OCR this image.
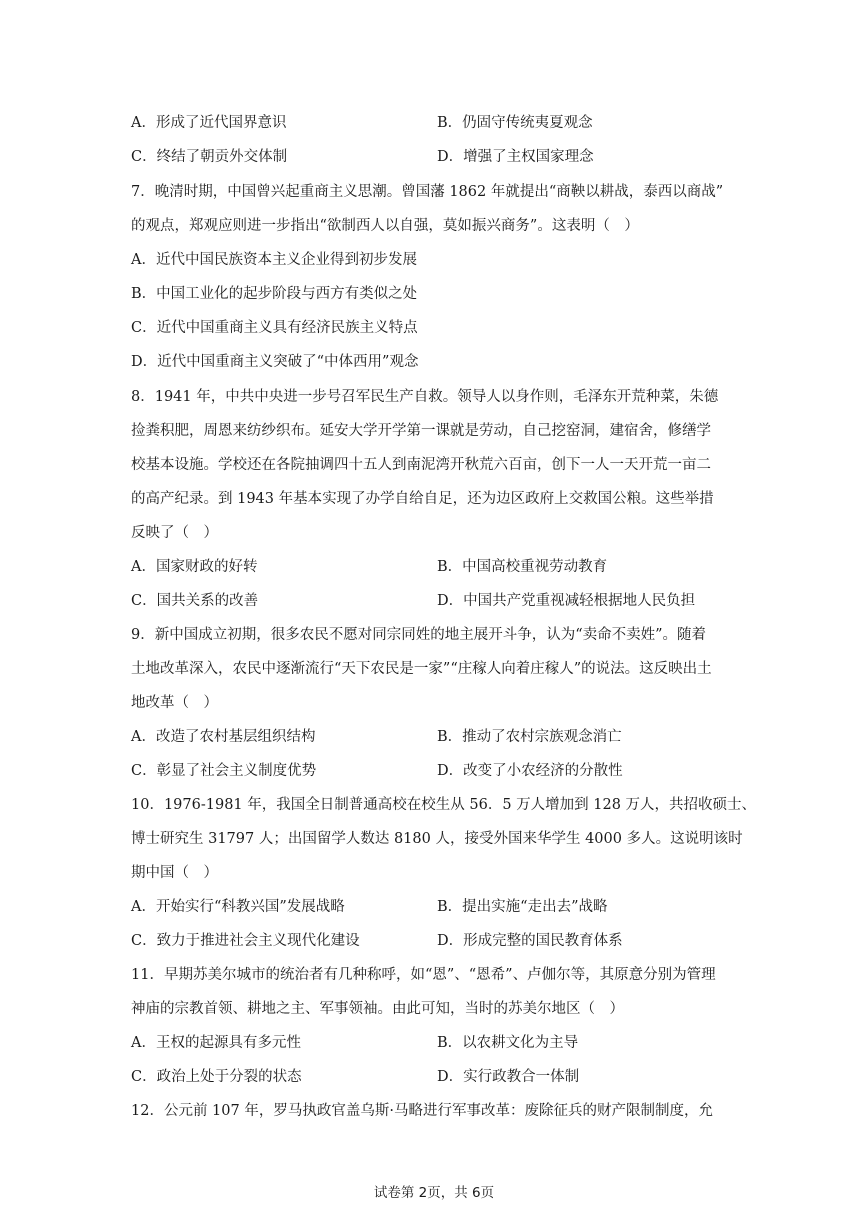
A．形成了近代国界意识	B．仍固守传统夷夏观念
C．终结了朝贡外交体制	D．增强了主权国家理念
7．晚清时期，中国曾兴起重商主义思潮。曾国藩 1862 年就提出“商鞅以耕战，泰西以商战”
的观点，郑观应则进一步指出“欲制西人以自强，莫如振兴商务”。这表明（　）
A．近代中国民族资本主义企业得到初步发展
B．中国工业化的起步阶段与西方有类似之处
C．近代中国重商主义具有经济民族主义特点
D．近代中国重商主义突破了“中体西用”观念
8．1941 年，中共中央进一步号召军民生产自救。领导人以身作则，毛泽东开荒种菜，朱德
捡粪积肥，周恩来纺纱织布。延安大学开学第一课就是劳动，自己挖窑洞，建宿舍，修缮学
校基本设施。学校还在各院抽调四十五人到南泥湾开秋荒六百亩，创下一人一天开荒一亩二
的高产纪录。到 1943 年基本实现了办学自给自足，还为边区政府上交救国公粮。这些举措
反映了（　）
A．国家财政的好转	B．中国高校重视劳动教育
C．国共关系的改善	D．中国共产党重视减轻根据地人民负担
9．新中国成立初期，很多农民不愿对同宗同姓的地主展开斗争，认为“卖命不卖姓”。随着
土地改革深入，农民中逐渐流行“天下农民是一家”“庄稼人向着庄稼人”的说法。这反映出土
地改革（　）
A．改造了农村基层组织结构	B．推动了农村宗族观念消亡
C．彰显了社会主义制度优势	D．改变了小农经济的分散性
10．1976-1981 年，我国全日制普通高校在校生从 56．5 万人增加到 128 万人，共招收硕士、
博士研究生 31797 人；出国留学人数达 8180 人，接受外国来华学生 4000 多人。这说明该时
期中国（　）
A．开始实行“科教兴国”发展战略	B．提出实施“走出去”战略
C．致力于推进社会主义现代化建设	D．形成完整的国民教育体系
11．早期苏美尔城市的统治者有几种称呼，如“恩”、“恩希”、卢伽尔等，其原意分别为管理
神庙的宗教首领、耕地之主、军事领袖。由此可知，当时的苏美尔地区（　）
A．王权的起源具有多元性	B．以农耕文化为主导
C．政治上处于分裂的状态	D．实行政教合一体制
12．公元前 107 年，罗马执政官盖乌斯·马略进行军事改革：废除征兵的财产限制制度，允
试卷第 2页，共 6页
